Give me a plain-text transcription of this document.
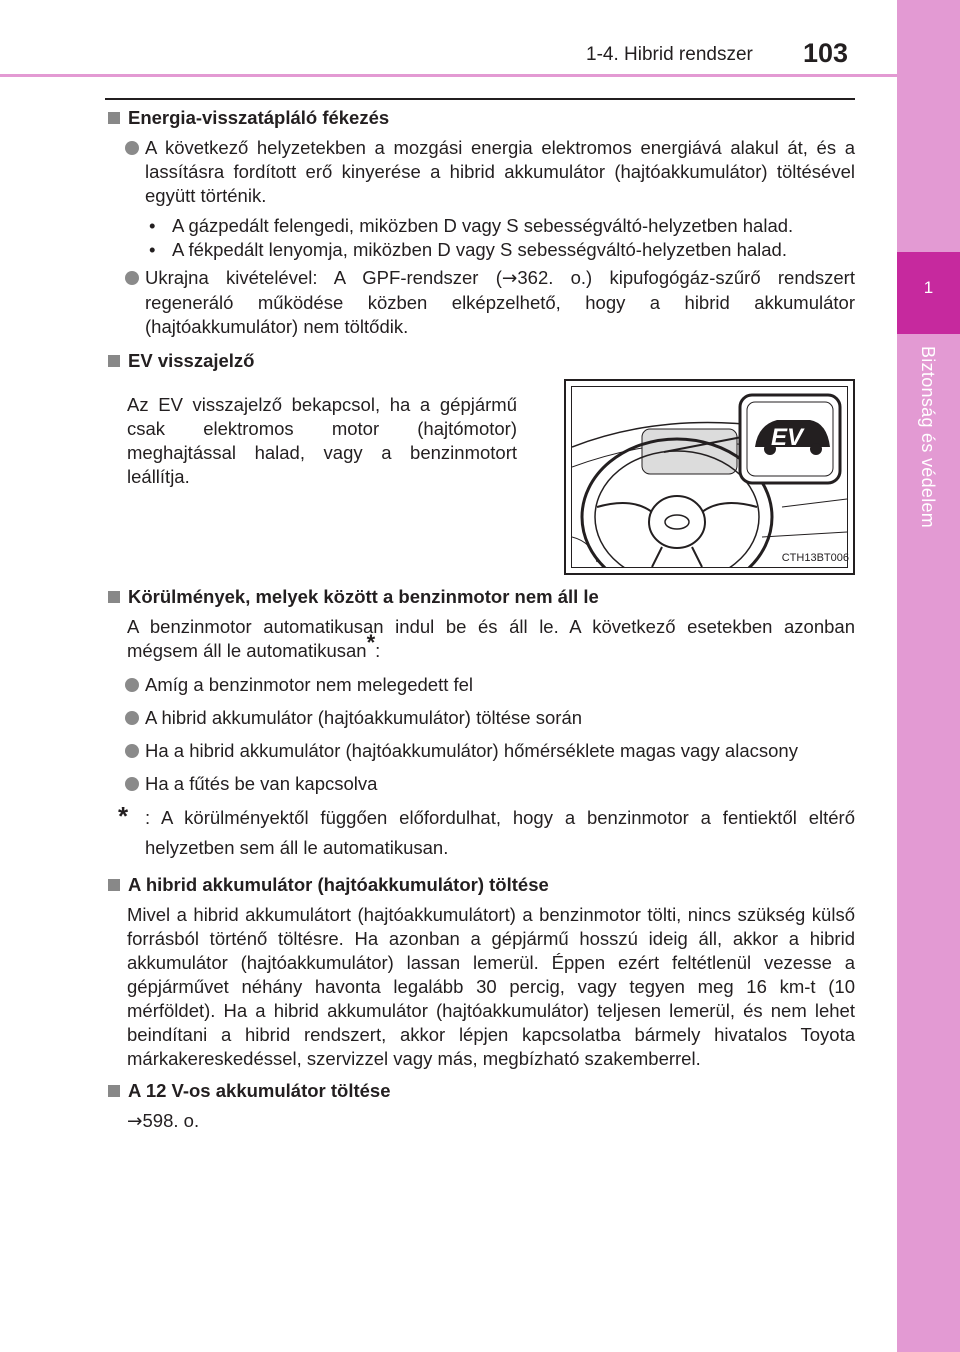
1-4. Hibrid rendszer 103
1
Biztonság és védelem
Energia-visszatápláló fékezés
A következő helyzetekben a mozgási energia elektromos energiává alakul át, és a lassításra fordított erő kinyerése a hibrid akkumulátor (hajtóakkumulátor) töltésével együtt történik.
• A gázpedált felengedi, miközben D vagy S sebességváltó-helyzetben halad.
• A fékpedált lenyomja, miközben D vagy S sebességváltó-helyzetben halad.
Ukrajna kivételével: A GPF-rendszer (→362. o.) kipufogógáz-szűrő rendszert regeneráló működése közben elképzelhető, hogy a hibrid akkumulátor (hajtóakkumulátor) nem töltődik.
EV visszajelző
Az EV visszajelző bekapcsol, ha a gépjármű csak elektromos motor (hajtómotor) meghajtással halad, vagy a benzinmotort leállítja.
EV
CTH13BT006
Körülmények, melyek között a benzinmotor nem áll le
A benzinmotor automatikusan indul be és áll le. A következő esetekben azonban mégsem áll le automatikusan*:
Amíg a benzinmotor nem melegedett fel
A hibrid akkumulátor (hajtóakkumulátor) töltése során
Ha a hibrid akkumulátor (hajtóakkumulátor) hőmérséklete magas vagy alacsony
Ha a fűtés be van kapcsolva
* : A körülményektől függően előfordulhat, hogy a benzinmotor a fentiektől eltérő helyzetben sem áll le automatikusan.
A hibrid akkumulátor (hajtóakkumulátor) töltése
Mivel a hibrid akkumulátort (hajtóakkumulátort) a benzinmotor tölti, nincs szükség külső forrásból történő töltésre. Ha azonban a gépjármű hosszú ideig áll, akkor a hibrid akkumulátor (hajtóakkumulátor) lassan lemerül. Éppen ezért feltétlenül vezesse a gépjárművet néhány havonta legalább 30 percig, vagy tegyen meg 16 km-t (10 mérföldet). Ha a hibrid akkumulátor (hajtóakkumulátor) teljesen lemerül, és nem lehet beindítani a hibrid rendszert, akkor lépjen kapcsolatba bármely hivatalos Toyota márkakereskedéssel, szervizzel vagy más, megbízható szakemberrel.
A 12 V-os akkumulátor töltése
→598. o.
